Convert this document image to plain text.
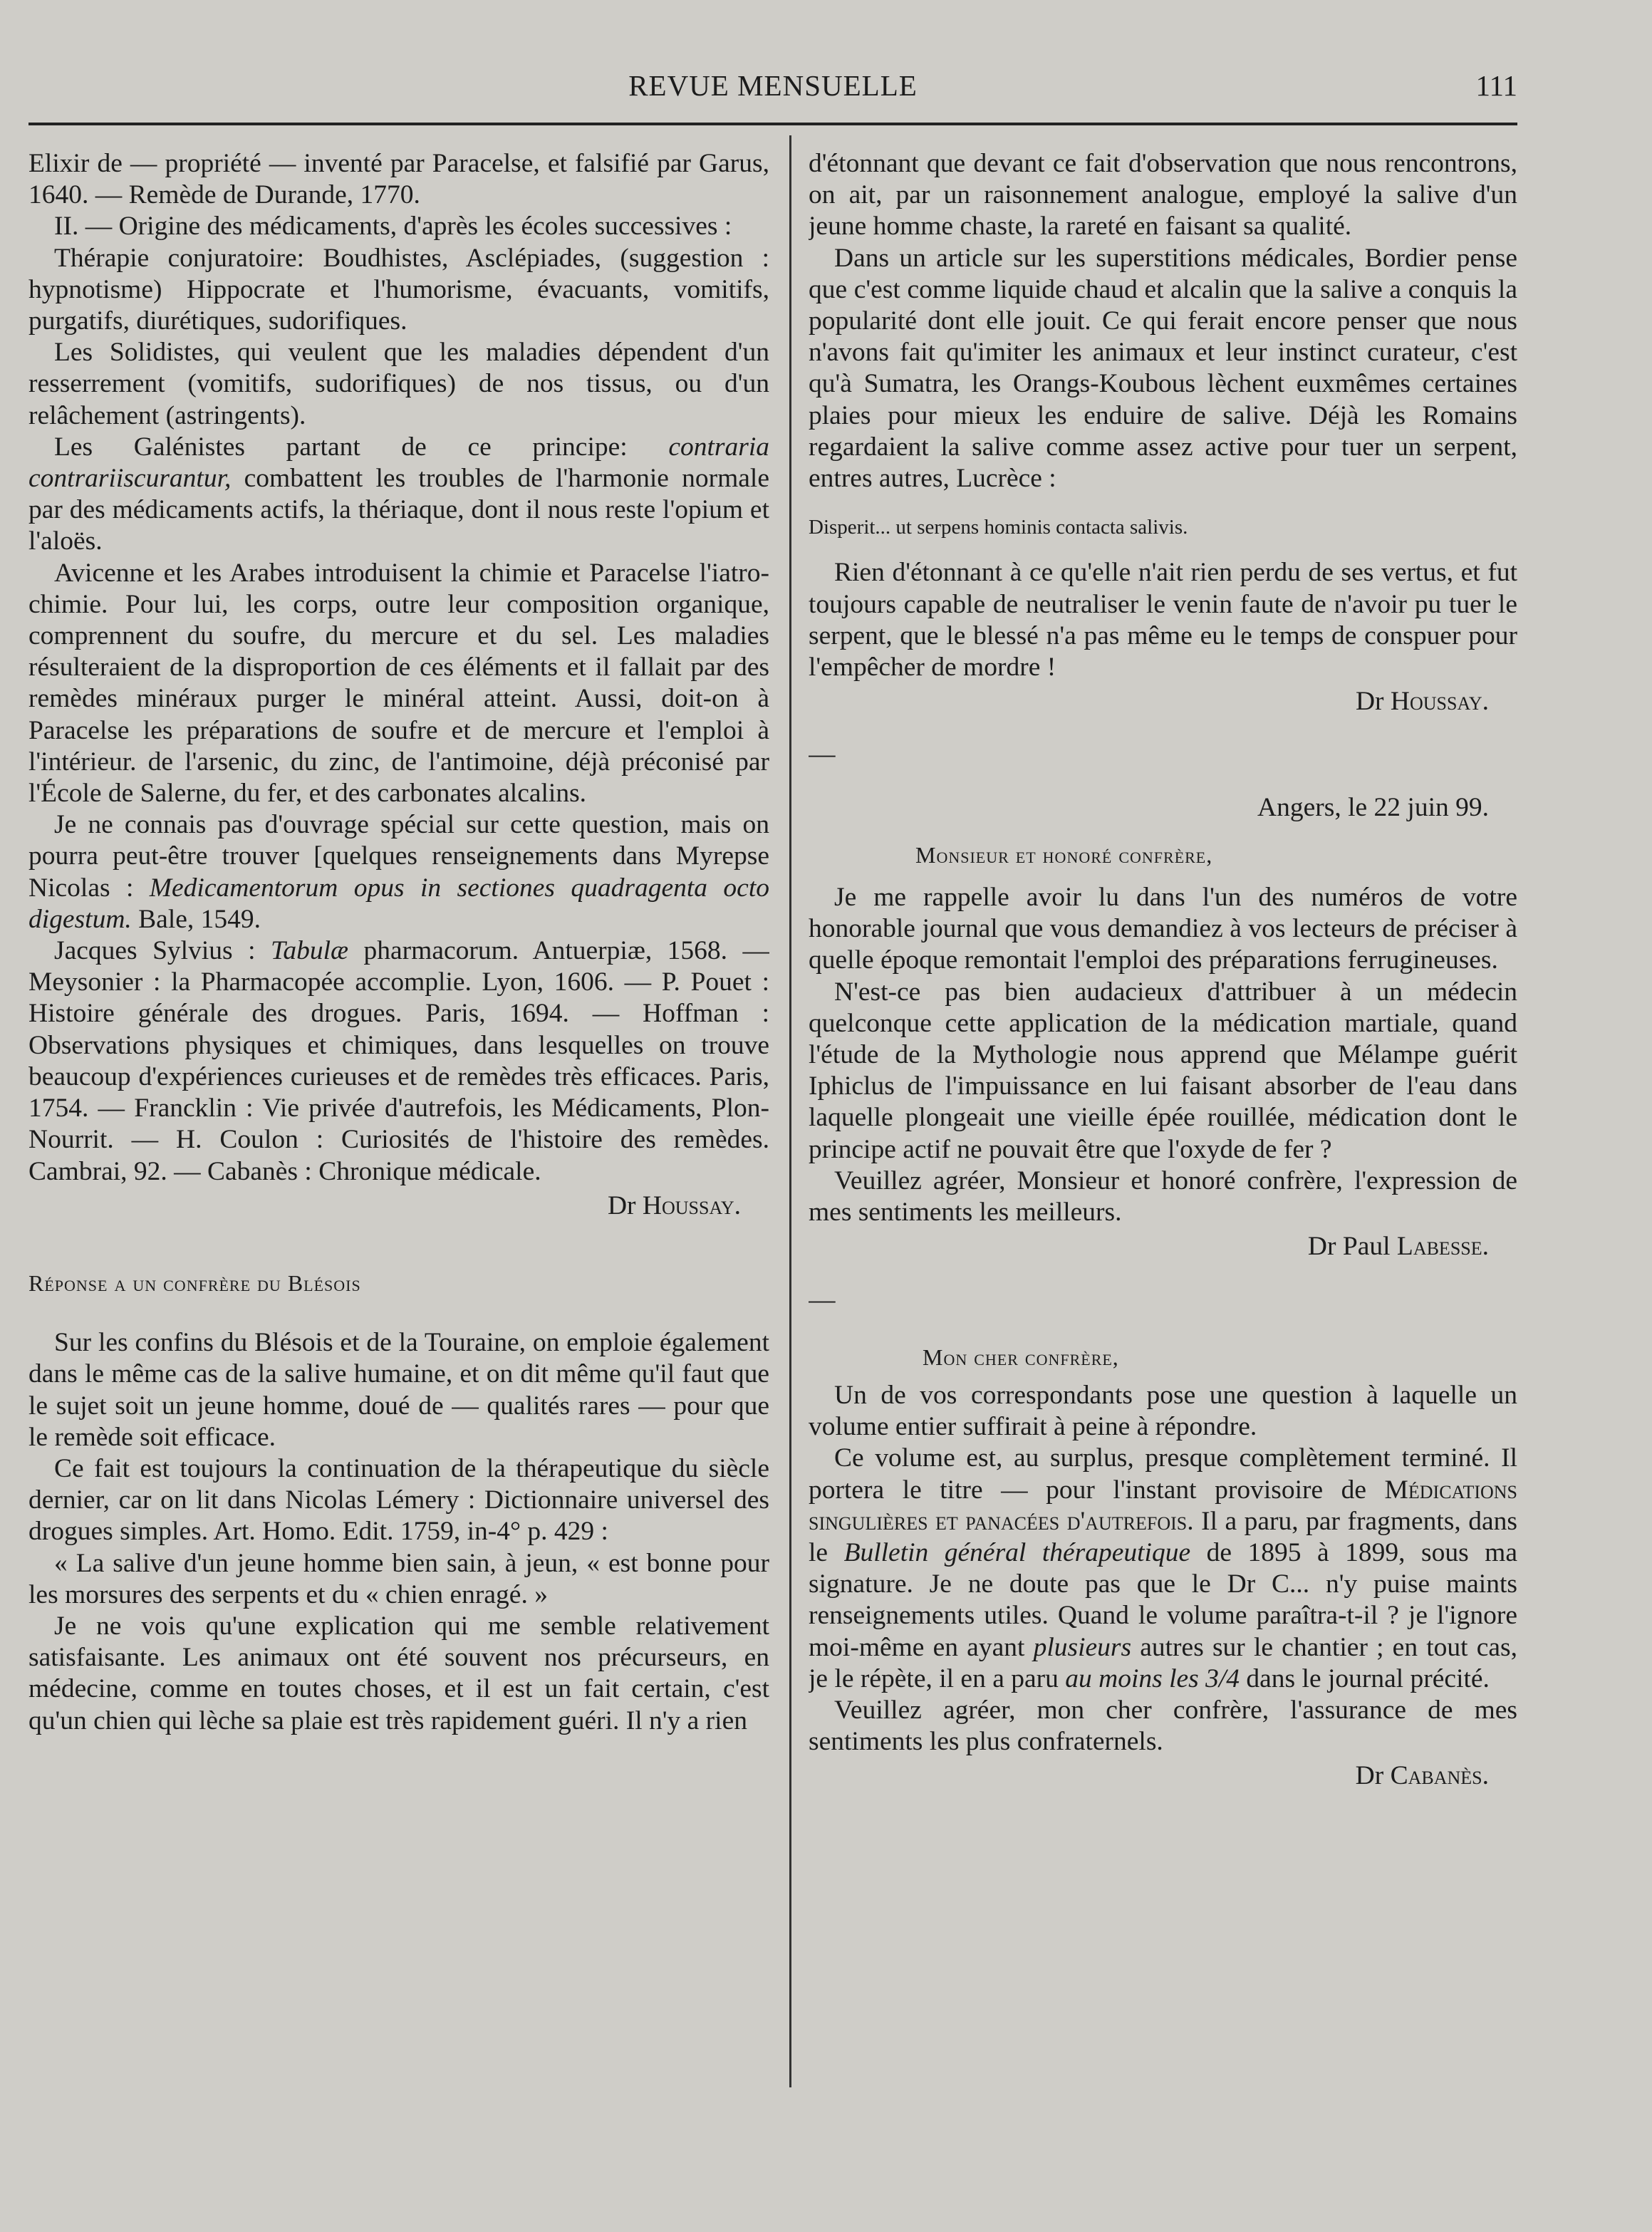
REVUE MENSUELLE	111

Elixir de — propriété — inventé par Paracelse, et falsifié par Garus, 1640. — Remède de Durande, 1770.

II. — Origine des médicaments, d'après les écoles successives :

Thérapie conjuratoire: Boudhistes, Asclépiades, (suggestion : hypnotisme) Hippocrate et l'humorisme, évacuants, vomitifs, purgatifs, diurétiques, sudorifiques.

Les Solidistes, qui veulent que les maladies dépendent d'un resserrement (vomitifs, sudorifiques) de nos tissus, ou d'un relâchement (astringents).

Les Galénistes partant de ce principe: contraria contrariiscurantur, combattent les troubles de l'harmonie normale par des médicaments actifs, la thériaque, dont il nous reste l'opium et l'aloës.

Avicenne et les Arabes introduisent la chimie et Paracelse l'iatro-chimie. Pour lui, les corps, outre leur composition organique, comprennent du soufre, du mercure et du sel. Les maladies résulteraient de la disproportion de ces éléments et il fallait par des remèdes minéraux purger le minéral atteint. Aussi, doit-on à Paracelse les préparations de soufre et de mercure et l'emploi à l'intérieur. de l'arsenic, du zinc, de l'antimoine, déjà préconisé par l'École de Salerne, du fer, et des carbonates alcalins.

Je ne connais pas d'ouvrage spécial sur cette question, mais on pourra peut-être trouver [quelques renseignements dans Myrepse Nicolas : Medicamentorum opus in sectiones quadragenta octo digestum. Bale, 1549.

Jacques Sylvius : Tabulæ pharmacorum. Antuerpiæ, 1568. — Meysonier : la Pharmacopée accomplie. Lyon, 1606. — P. Pouet : Histoire générale des drogues. Paris, 1694. — Hoffman : Observations physiques et chimiques, dans lesquelles on trouve beaucoup d'expériences curieuses et de remèdes très efficaces. Paris, 1754. — Francklin : Vie privée d'autrefois, les Médicaments, Plon-Nourrit. — H. Coulon : Curiosités de l'histoire des remèdes. Cambrai, 92. — Cabanès : Chronique médicale.

Dr Houssay.

Réponse a un confrère du Blésois

Sur les confins du Blésois et de la Touraine, on emploie également dans le même cas de la salive humaine, et on dit même qu'il faut que le sujet soit un jeune homme, doué de — qualités rares — pour que le remède soit efficace.

Ce fait est toujours la continuation de la thérapeutique du siècle dernier, car on lit dans Nicolas Lémery : Dictionnaire universel des drogues simples. Art. Homo. Edit. 1759, in-4° p. 429 :

« La salive d'un jeune homme bien sain, à jeun, « est bonne pour les morsures des serpents et du « chien enragé. »

Je ne vois qu'une explication qui me semble relativement satisfaisante. Les animaux ont été souvent nos précurseurs, en médecine, comme en toutes choses, et il est un fait certain, c'est qu'un chien qui lèche sa plaie est très rapidement guéri. Il n'y a rien

d'étonnant que devant ce fait d'observation que nous rencontrons, on ait, par un raisonnement analogue, employé la salive d'un jeune homme chaste, la rareté en faisant sa qualité.

Dans un article sur les superstitions médicales, Bordier pense que c'est comme liquide chaud et alcalin que la salive a conquis la popularité dont elle jouit. Ce qui ferait encore penser que nous n'avons fait qu'imiter les animaux et leur instinct curateur, c'est qu'à Sumatra, les Orangs-Koubous lèchent euxmêmes certaines plaies pour mieux les enduire de salive. Déjà les Romains regardaient la salive comme assez active pour tuer un serpent, entres autres, Lucrèce :

Disperit... ut serpens hominis contacta salivis.

Rien d'étonnant à ce qu'elle n'ait rien perdu de ses vertus, et fut toujours capable de neutraliser le venin faute de n'avoir pu tuer le serpent, que le blessé n'a pas même eu le temps de conspuer pour l'empêcher de mordre !

Dr Houssay.

—

Angers, le 22 juin 99.

Monsieur et honoré confrère,

Je me rappelle avoir lu dans l'un des numéros de votre honorable journal que vous demandiez à vos lecteurs de préciser à quelle époque remontait l'emploi des préparations ferrugineuses.

N'est-ce pas bien audacieux d'attribuer à un médecin quelconque cette application de la médication martiale, quand l'étude de la Mythologie nous apprend que Mélampe guérit Iphiclus de l'impuissance en lui faisant absorber de l'eau dans laquelle plongeait une vieille épée rouillée, médication dont le principe actif ne pouvait être que l'oxyde de fer ?

Veuillez agréer, Monsieur et honoré confrère, l'expression de mes sentiments les meilleurs.

Dr Paul Labesse.

—

Mon cher confrère,

Un de vos correspondants pose une question à laquelle un volume entier suffirait à peine à répondre.

Ce volume est, au surplus, presque complètement terminé. Il portera le titre — pour l'instant provisoire de Médications singulières et panacées d'autrefois. Il a paru, par fragments, dans le Bulletin général thérapeutique de 1895 à 1899, sous ma signature. Je ne doute pas que le Dr C... n'y puise maints renseignements utiles. Quand le volume paraîtra-t-il ? je l'ignore moi-même en ayant plusieurs autres sur le chantier ; en tout cas, je le répète, il en a paru au moins les 3/4 dans le journal précité.

Veuillez agréer, mon cher confrère, l'assurance de mes sentiments les plus confraternels.

Dr Cabanès.
